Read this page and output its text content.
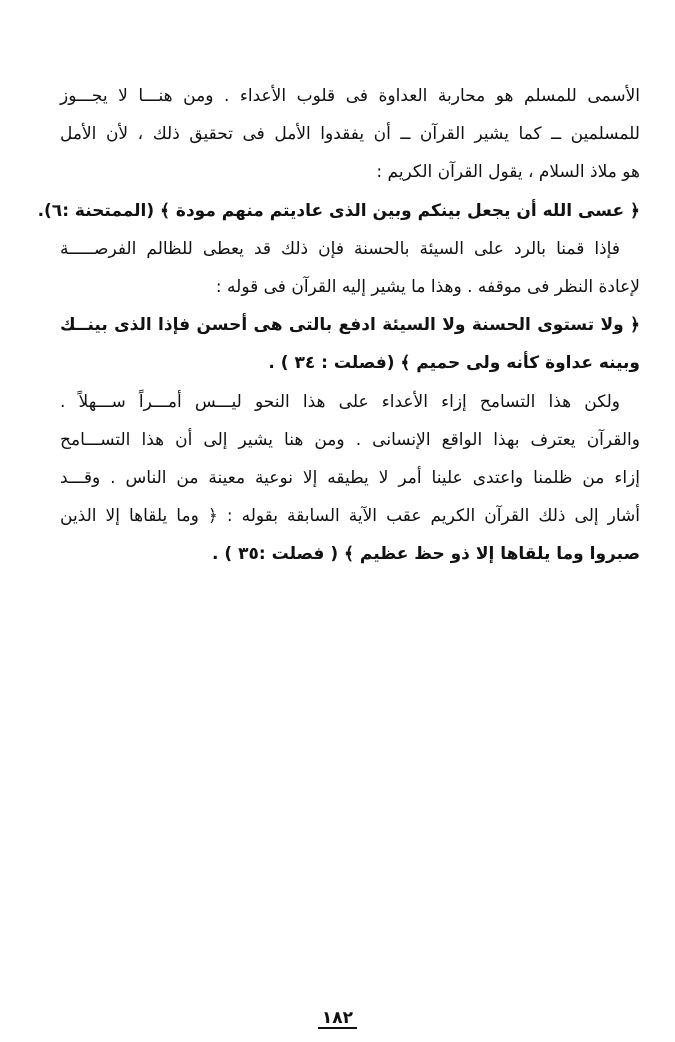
الأسمى للمسلم هو محاربة العداوة فى قلوب الأعداء . ومن هنـــا لا يجـــوز
للمسلمين ــ كما يشير القرآن ــ أن يفقدوا الأمل فى تحقيق ذلك ، لأن الأمل
هو ملاذ السلام ، يقول القرآن الكريم :
﴿ عسى الله أن يجعل بينكم وبين الذى عاديتم منهم مودة ﴾ (الممتحنة :٦).
فإذا قمنا بالرد على السيئة بالحسنة فإن ذلك قد يعطى للظالم الفرصـــــة
لإعادة النظر فى موقفه . وهذا ما يشير إليه القرآن فى قوله :
﴿ ولا تستوى الحسنة ولا السيئة ادفع بالتى هى أحسن فإذا الذى بينــك
وبينه عداوة كأنه ولى حميم ﴾ (فصلت : ٣٤ ) .
ولكن هذا التسامح إزاء الأعداء على هذا النحو ليـــس أمـــراً ســـهلاً .
والقرآن يعترف بهذا الواقع الإنسانى . ومن هنا يشير إلى أن هذا التســـامح
إزاء من ظلمنا واعتدى علينا أمر لا يطيقه إلا نوعية معينة من الناس . وقـــد
أشار إلى ذلك القرآن الكريم عقب الآية السابقة بقوله : ﴿ وما يلقاها إلا الذين
صبروا وما يلقاها إلا ذو حظ عظيم ﴾ ( فصلت :٣٥ ) .
١٨٢
